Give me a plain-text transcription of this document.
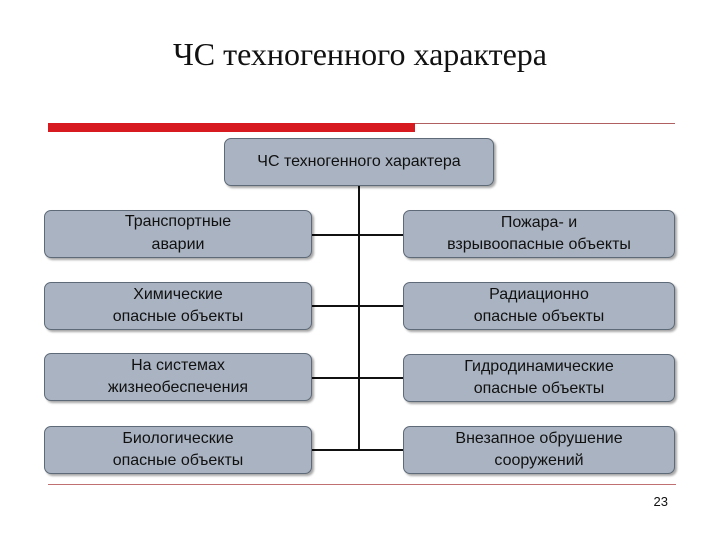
ЧС техногенного характера
ЧС техногенного характера
Транспортные
аварии
Химические
опасные объекты
На системах
жизнеобеспечения
Биологические
опасные объекты
Пожара- и
взрывоопасные объекты
Радиационно
опасные объекты
Гидродинамические
опасные объекты
Внезапное обрушение
сооружений
23
